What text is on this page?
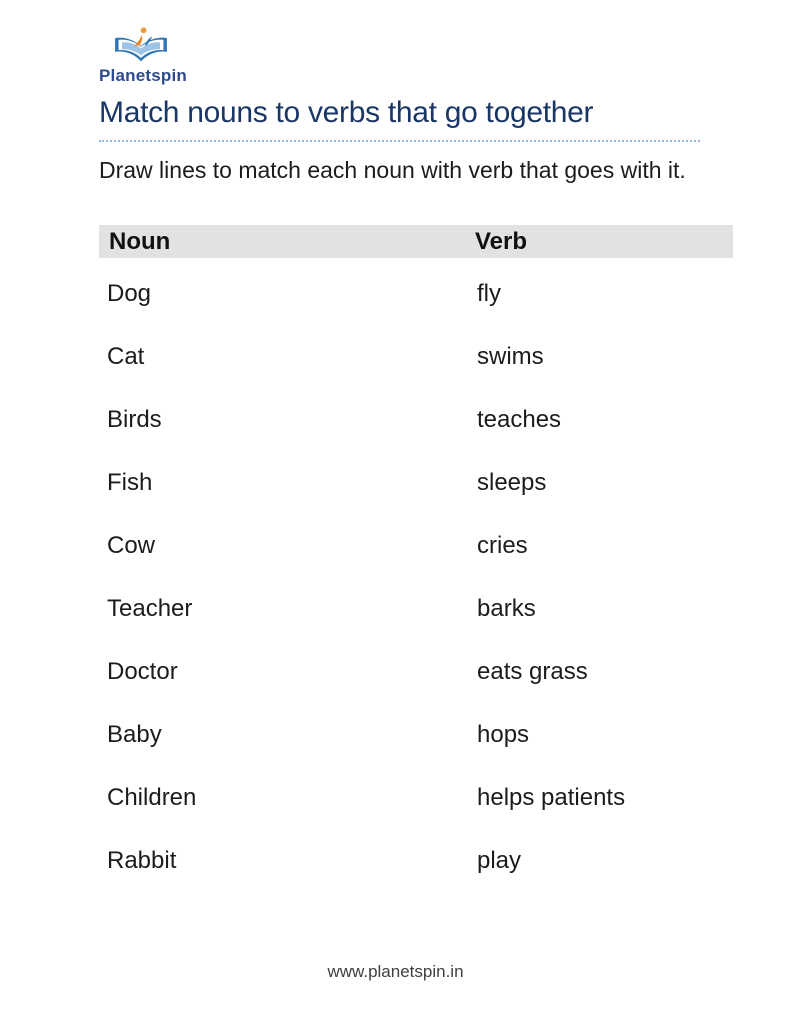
Planetspin
Match nouns to verbs that go together
Draw lines to match each noun with verb that goes with it.
Noun	Verb
Dog	fly
Cat	swims
Birds	teaches
Fish	sleeps
Cow	cries
Teacher	barks
Doctor	eats grass
Baby	hops
Children	helps patients
Rabbit	play
www.planetspin.in
